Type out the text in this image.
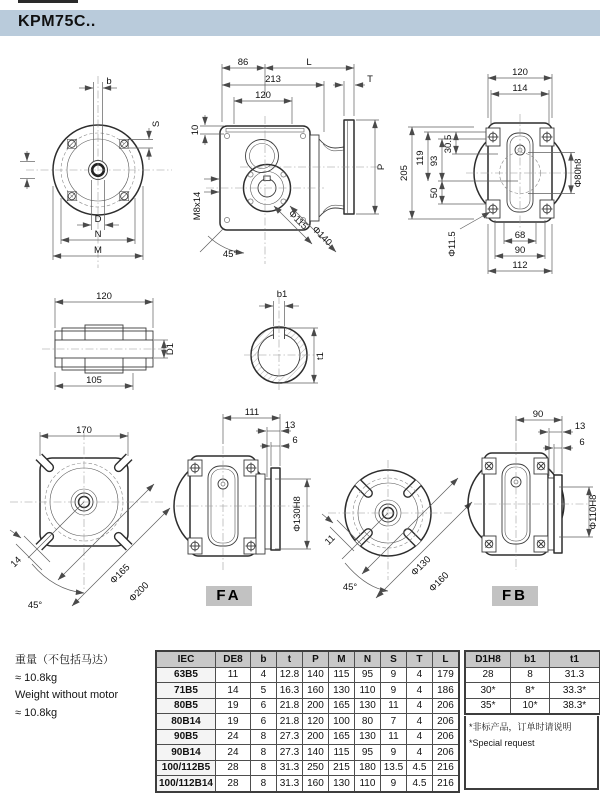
KPM75C..
b
S
D
N
M
86	L
213	T
120
10
M8x14
P
45°
Φ115
Φ140
120
114
205
119 93
30.5
50
Φ11.5
Φ80h8
68
90
112
120
105
D1
b1
t1
170
Φ165
Φ200
45°
14
111
13
6
Φ130H8
11
45°
Φ130
Φ160
90
13
6
Φ110H8
FA	FB
重量（不包括马达）
≈ 10.8kg
Weight without motor
≈ 10.8kg
IEC	DE8	b	t	P	M	N	S	T	L
63B5	11	4	12.8	140	115	95	9	4	179
71B5	14	5	16.3	160	130	110	9	4	186
80B5	19	6	21.8	200	165	130	11	4	206
80B14	19	6	21.8	120	100	80	7	4	206
90B5	24	8	27.3	200	165	130	11	4	206
90B14	24	8	27.3	140	115	95	9	4	206
100/112B5	28	8	31.3	250	215	180	13.5	4.5	216
100/112B14	28	8	31.3	160	130	110	9	4.5	216
D1H8	b1	t1
28	8	31.3
30*	8*	33.3*
35*	10*	38.3*
*非标产品，订单时请说明
*Special request
